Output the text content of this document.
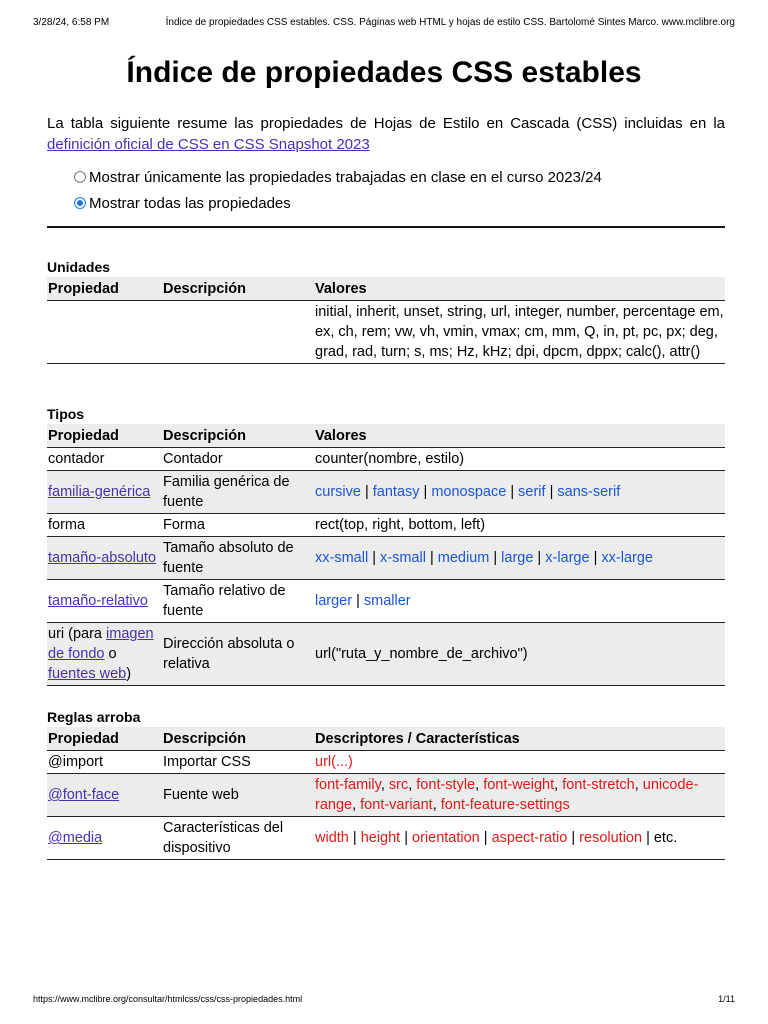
3/28/24, 6:58 PM	Índice de propiedades CSS estables. CSS. Páginas web HTML y hojas de estilo CSS. Bartolomé Sintes Marco. www.mclibre.org
Índice de propiedades CSS estables

La tabla siguiente resume las propiedades de Hojas de Estilo en Cascada (CSS) incluidas en la definición oficial de CSS en CSS Snapshot 2023

Mostrar únicamente las propiedades trabajadas en clase en el curso 2023/24
Mostrar todas las propiedades
Unidades
Propiedad	Descripción	Valores
		initial, inherit, unset, string, url, integer, number, percentage em, ex, ch, rem; vw, vh, vmin, vmax; cm, mm, Q, in, pt, pc, px; deg, grad, rad, turn; s, ms; Hz, kHz; dpi, dpcm, dppx; calc(), attr()
Tipos
Propiedad	Descripción	Valores
contador	Contador	counter(nombre, estilo)
familia-genérica	Familia genérica de fuente	cursive | fantasy | monospace | serif | sans-serif
forma	Forma	rect(top, right, bottom, left)
tamaño-absoluto	Tamaño absoluto de fuente	xx-small | x-small | medium | large | x-large | xx-large
tamaño-relativo	Tamaño relativo de fuente	larger | smaller
uri (para imagen de fondo o fuentes web)	Dirección absoluta o relativa	url("ruta_y_nombre_de_archivo")
Reglas arroba
Propiedad	Descripción	Descriptores / Características
@import	Importar CSS	url(...)
@font-face	Fuente web	font-family, src, font-style, font-weight, font-stretch, unicode-range, font-variant, font-feature-settings
@media	Características del dispositivo	width | height | orientation | aspect-ratio | resolution | etc.
https://www.mclibre.org/consultar/htmlcss/css/css-propiedades.html	1/11
